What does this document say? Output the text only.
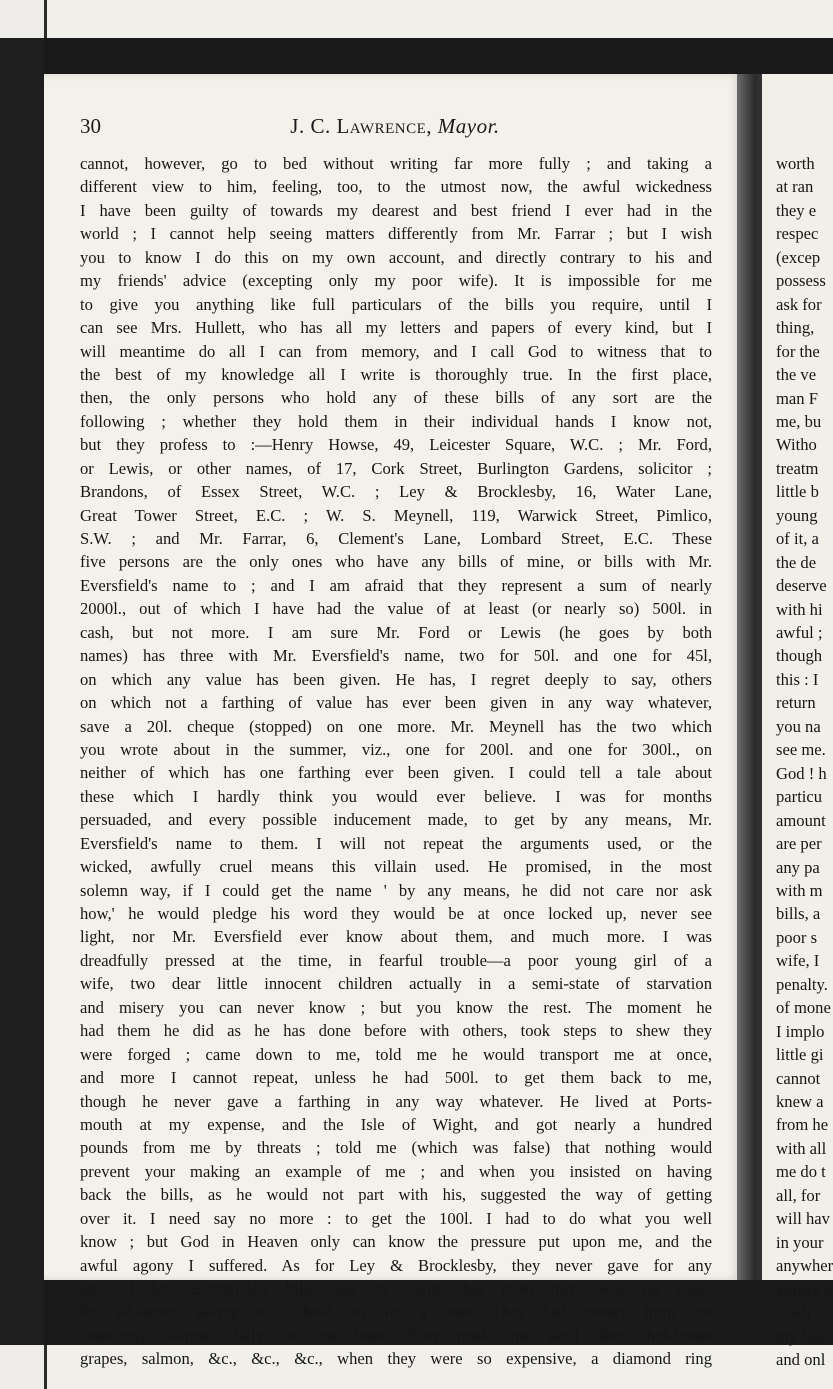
worth
at ran
they e
respec
(excep
possess
ask for
thing,
for the
the ve
man F
me, bu
Witho
treatm
little b
young
of it, a
the de
deserve
with hi
awful ;
though
this : I
return
you na
see me.
God ! h
particu
amount
are per
any pa
with m
bills, a
poor s
wife, I
penalty.
of mone
I implo
little gi
cannot
knew a
from he
with all
me do t
all, for
will hav
in your
anywher
knows n
Fredi
my busi
and onl
30	J. C. Lawrence, Mayor.
cannot, however, go to bed without writing far more fully ; and taking a
different view to him, feeling, too, to the utmost now, the awful wickedness
I have been guilty of towards my dearest and best friend I ever had in the
world ; I cannot help seeing matters differently from Mr. Farrar ; but I wish
you to know I do this on my own account, and directly contrary to his and
my friends' advice (excepting only my poor wife). It is impossible for me
to give you anything like full particulars of the bills you require, until I
can see Mrs. Hullett, who has all my letters and papers of every kind, but I
will meantime do all I can from memory, and I call God to witness that to
the best of my knowledge all I write is thoroughly true. In the first place,
then, the only persons who hold any of these bills of any sort are the
following ; whether they hold them in their individual hands I know not,
but they profess to :—Henry Howse, 49, Leicester Square, W.C. ; Mr. Ford,
or Lewis, or other names, of 17, Cork Street, Burlington Gardens, solicitor ;
Brandons, of Essex Street, W.C. ; Ley & Brocklesby, 16, Water Lane,
Great Tower Street, E.C. ; W. S. Meynell, 119, Warwick Street, Pimlico,
S.W. ; and Mr. Farrar, 6, Clement's Lane, Lombard Street, E.C. These
five persons are the only ones who have any bills of mine, or bills with Mr.
Eversfield's name to ; and I am afraid that they represent a sum of nearly
2000l., out of which I have had the value of at least (or nearly so) 500l. in
cash, but not more. I am sure Mr. Ford or Lewis (he goes by both
names) has three with Mr. Eversfield's name, two for 50l. and one for 45l,
on which any value has been given. He has, I regret deeply to say, others
on which not a farthing of value has ever been given in any way whatever,
save a 20l. cheque (stopped) on one more. Mr. Meynell has the two which
you wrote about in the summer, viz., one for 200l. and one for 300l., on
neither of which has one farthing ever been given. I could tell a tale about
these which I hardly think you would ever believe. I was for months
persuaded, and every possible inducement made, to get by any means, Mr.
Eversfield's name to them. I will not repeat the arguments used, or the
wicked, awfully cruel means this villain used. He promised, in the most
solemn way, if I could get the name ' by any means, he did not care nor ask
how,' he would pledge his word they would be at once locked up, never see
light, nor Mr. Eversfield ever know about them, and much more. I was
dreadfully pressed at the time, in fearful trouble—a poor young girl of a
wife, two dear little innocent children actually in a semi-state of starvation
and misery you can never know ; but you know the rest. The moment he
had them he did as he has done before with others, took steps to shew they
were forged ; came down to me, told me he would transport me at once,
and more I cannot repeat, unless he had 500l. to get them back to me,
though he never gave a farthing in any way whatever. He lived at Ports-
mouth at my expense, and the Isle of Wight, and got nearly a hundred
pounds from me by threats ; told me (which was false) that nothing would
prevent your making an example of me ; and when you insisted on having
back the bills, as he would not part with his, suggested the way of getting
over it. I need say no more : to get the 100l. I had to do what you well
know ; but God in Heaven only can know the pressure put upon me, and the
awful agony I suffered. As for Ley & Brocklesby, they never gave for any
one of Mr. Eversfield's bills half its value, but most there was no value
for whatever, saving to ' hold on' for a time. They had money from me
constantly, almost daily, at one time. They made me send them hot-house
grapes, salmon, &c., &c., &c., when they were so expensive, a diamond ring
